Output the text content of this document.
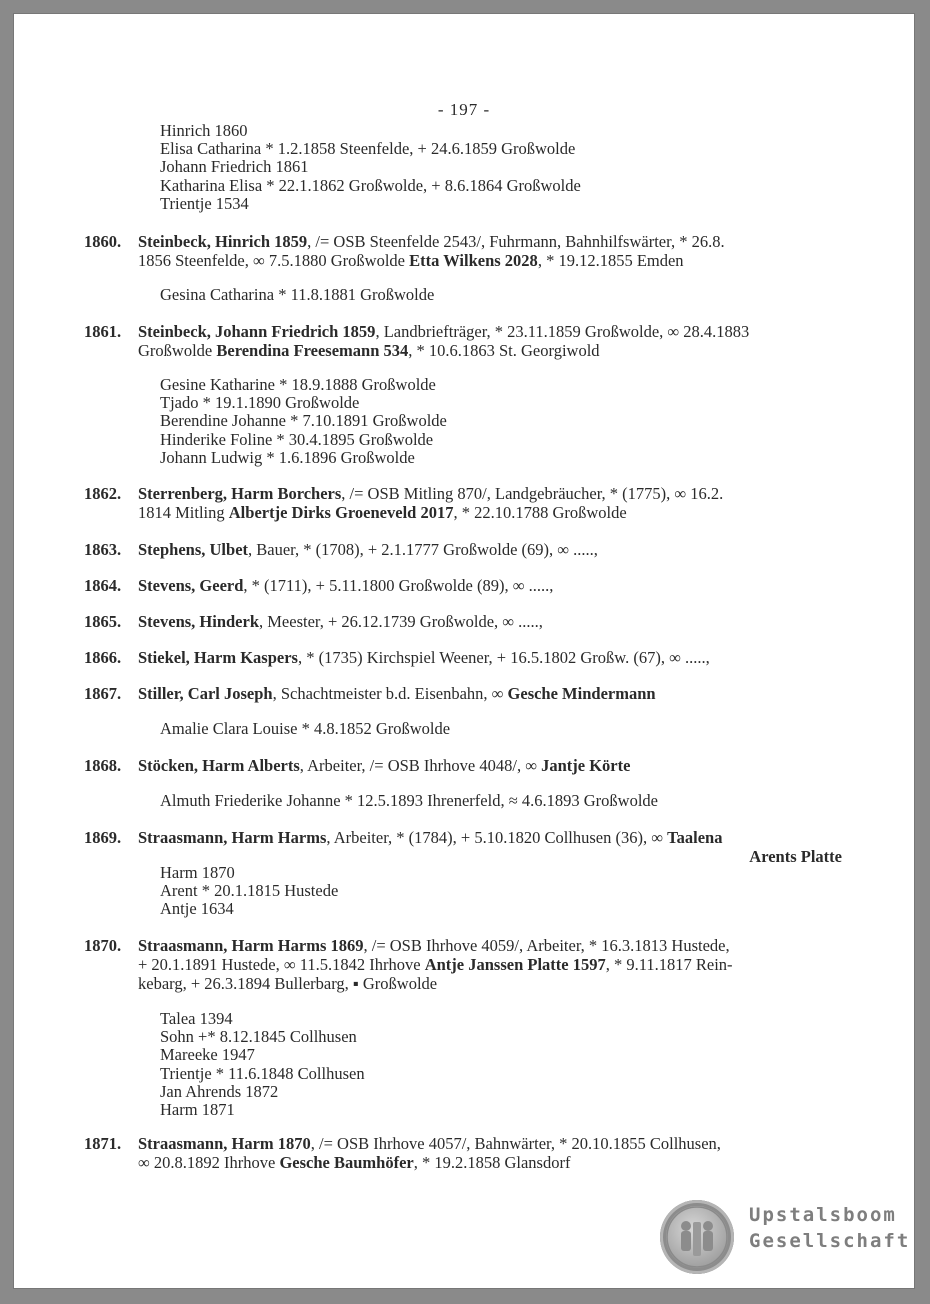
- 197 -
Hinrich 1860
Elisa Catharina * 1.2.1858 Steenfelde, + 24.6.1859 Großwolde
Johann Friedrich 1861
Katharina Elisa * 22.1.1862 Großwolde, + 8.6.1864 Großwolde
Trientje 1534
1860.	Steinbeck, Hinrich 1859, /= OSB Steenfelde 2543/, Fuhrmann, Bahnhilfswärter, * 26.8.
1856 Steenfelde, ∞ 7.5.1880 Großwolde Etta Wilkens 2028, * 19.12.1855 Emden
Gesina Catharina * 11.8.1881 Großwolde
1861.	Steinbeck, Johann Friedrich 1859, Landbriefträger, * 23.11.1859 Großwolde, ∞ 28.4.1883
Großwolde Berendina Freesemann 534, * 10.6.1863 St. Georgiwold
Gesine Katharine * 18.9.1888 Großwolde
Tjado * 19.1.1890 Großwolde
Berendine Johanne * 7.10.1891 Großwolde
Hinderike Foline * 30.4.1895 Großwolde
Johann Ludwig * 1.6.1896 Großwolde
1862.	Sterrenberg, Harm Borchers, /= OSB Mitling 870/, Landgebräucher, * (1775), ∞ 16.2.
1814 Mitling Albertje Dirks Groeneveld 2017, * 22.10.1788 Großwolde
1863.	Stephens, Ulbet, Bauer, * (1708), + 2.1.1777 Großwolde (69), ∞ .....,
1864.	Stevens, Geerd, * (1711), + 5.11.1800 Großwolde (89), ∞ .....,
1865.	Stevens, Hinderk, Meester, + 26.12.1739 Großwolde, ∞ .....,
1866.	Stiekel, Harm Kaspers, * (1735) Kirchspiel Weener, + 16.5.1802 Großw. (67), ∞ .....,
1867.	Stiller, Carl Joseph, Schachtmeister b.d. Eisenbahn, ∞ Gesche Mindermann
Amalie Clara Louise * 4.8.1852 Großwolde
1868.	Stöcken, Harm Alberts, Arbeiter, /= OSB Ihrhove 4048/, ∞ Jantje Körte
Almuth Friederike Johanne * 12.5.1893 Ihrenerfeld, ≈ 4.6.1893 Großwolde
1869.	Straasmann, Harm Harms, Arbeiter, * (1784), + 5.10.1820 Collhusen (36), ∞ Taalena
Arents Platte
Harm 1870
Arent * 20.1.1815 Hustede
Antje 1634
1870.	Straasmann, Harm Harms 1869, /= OSB Ihrhove 4059/, Arbeiter, * 16.3.1813 Hustede,
+ 20.1.1891 Hustede, ∞ 11.5.1842 Ihrhove Antje Janssen Platte 1597, * 9.11.1817 Rein-
kebarg, + 26.3.1894 Bullerbarg, ▪ Großwolde
Talea 1394
Sohn +* 8.12.1845 Collhusen
Mareeke 1947
Trientje * 11.6.1848 Collhusen
Jan Ahrends 1872
Harm 1871
1871.	Straasmann, Harm 1870, /= OSB Ihrhove 4057/, Bahnwärter, * 20.10.1855 Collhusen,
∞ 20.8.1892 Ihrhove Gesche Baumhöfer, * 19.2.1858 Glansdorf
Upstalsboom
Gesellschaft
